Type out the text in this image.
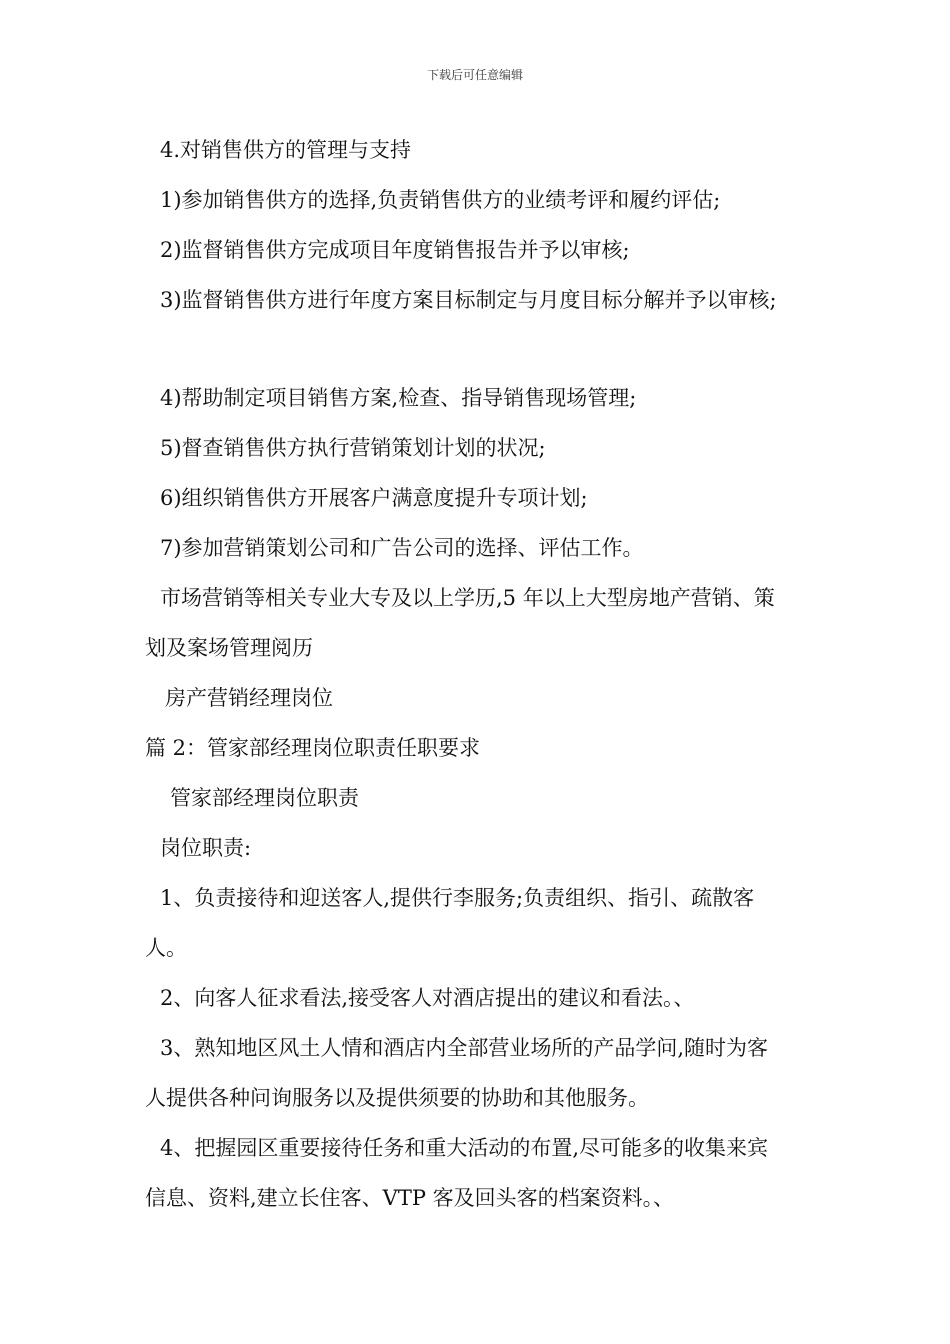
下载后可任意编辑
4.对销售供方的管理与支持
1)参加销售供方的选择,负责销售供方的业绩考评和履约评估;
2)监督销售供方完成项目年度销售报告并予以审核;
3)监督销售供方进行年度方案目标制定与月度目标分解并予以审核;
4)帮助制定项目销售方案,检查、指导销售现场管理;
5)督查销售供方执行营销策划计划的状况;
6)组织销售供方开展客户满意度提升专项计划;
7)参加营销策划公司和广告公司的选择、评估工作。
市场营销等相关专业大专及以上学历,5 年以上大型房地产营销、策
划及案场管理阅历
房产营销经理岗位
篇 2：管家部经理岗位职责任职要求
管家部经理岗位职责
岗位职责:
1、负责接待和迎送客人,提供行李服务;负责组织、指引、疏散客
人。
2、向客人征求看法,接受客人对酒店提出的建议和看法。、
3、熟知地区风土人情和酒店内全部营业场所的产品学问,随时为客
人提供各种问询服务以及提供须要的协助和其他服务。
4、把握园区重要接待任务和重大活动的布置,尽可能多的收集来宾
信息、资料,建立长住客、VTP 客及回头客的档案资料。、
